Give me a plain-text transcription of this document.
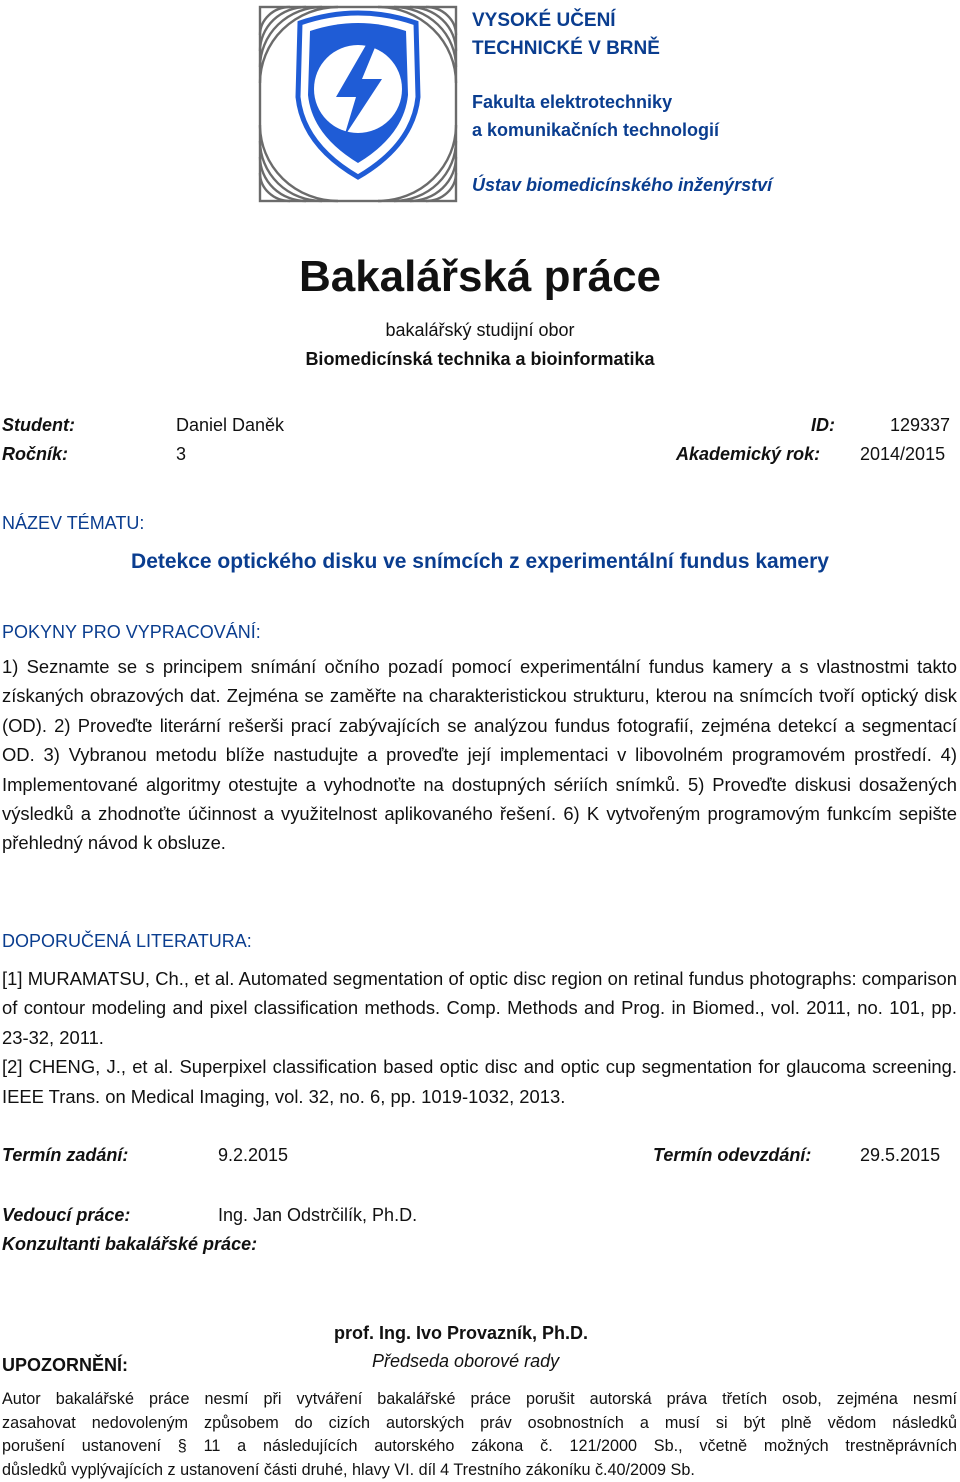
VYSOKÉ UČENÍ
TECHNICKÉ V BRNĚ
Fakulta elektrotechniky
a komunikačních technologií
Ústav biomedicínského inženýrství
Bakalářská práce
bakalářský studijní obor
Biomedicínská technika a bioinformatika
Student:	Daniel Daněk	ID:	129337
Ročník:	3	Akademický rok: 2014/2015
NÁZEV TÉMATU:
Detekce optického disku ve snímcích z experimentální fundus kamery
POKYNY PRO VYPRACOVÁNÍ:

1) Seznamte se s principem snímání očního pozadí pomocí experimentální fundus kamery a s vlastnostmi takto získaných obrazových dat. Zejména se zaměřte na charakteristickou strukturu, kterou na snímcích tvoří optický disk (OD). 2) Proveďte literární rešerši prací zabývajících se analýzou fundus fotografií, zejména detekcí a segmentací OD. 3) Vybranou metodu blíže nastudujte a proveďte její implementaci v libovolném programovém prostředí. 4) Implementované algoritmy otestujte a vyhodnoťte na dostupných sériích snímků. 5) Proveďte diskusi dosažených výsledků a zhodnoťte účinnost a využitelnost aplikovaného řešení. 6) K vytvořeným programovým funkcím sepište přehledný návod k obsluze.

DOPORUČENÁ LITERATURA:

[1] MURAMATSU, Ch., et al. Automated segmentation of optic disc region on retinal fundus photographs: comparison of contour modeling and pixel classification methods. Comp. Methods and Prog. in Biomed., vol. 2011, no. 101, pp. 23-32, 2011.

[2] CHENG, J., et al. Superpixel classification based optic disc and optic cup segmentation for glaucoma screening. IEEE Trans. on Medical Imaging, vol. 32, no. 6, pp. 1019-1032, 2013.

Termín zadání:	9.2.2015	Termín odevzdání:	29.5.2015
Vedoucí práce:	Ing. Jan Odstrčilík, Ph.D.
Konzultanti bakalářské práce:
prof. Ing. Ivo Provazník, Ph.D.
Předseda oborové rady
UPOZORNĚNÍ:
Autor bakalářské práce nesmí při vytváření bakalářské práce porušit autorská práva třetích osob, zejména nesmí
zasahovat nedovoleným způsobem do cizích autorských práv osobnostních a musí si být plně vědom následků
porušení ustanovení § 11 a následujících autorského zákona č. 121/2000 Sb., včetně možných trestněprávních
důsledků vyplývajících z ustanovení části druhé, hlavy VI. díl 4 Trestního zákoníku č.40/2009 Sb.
